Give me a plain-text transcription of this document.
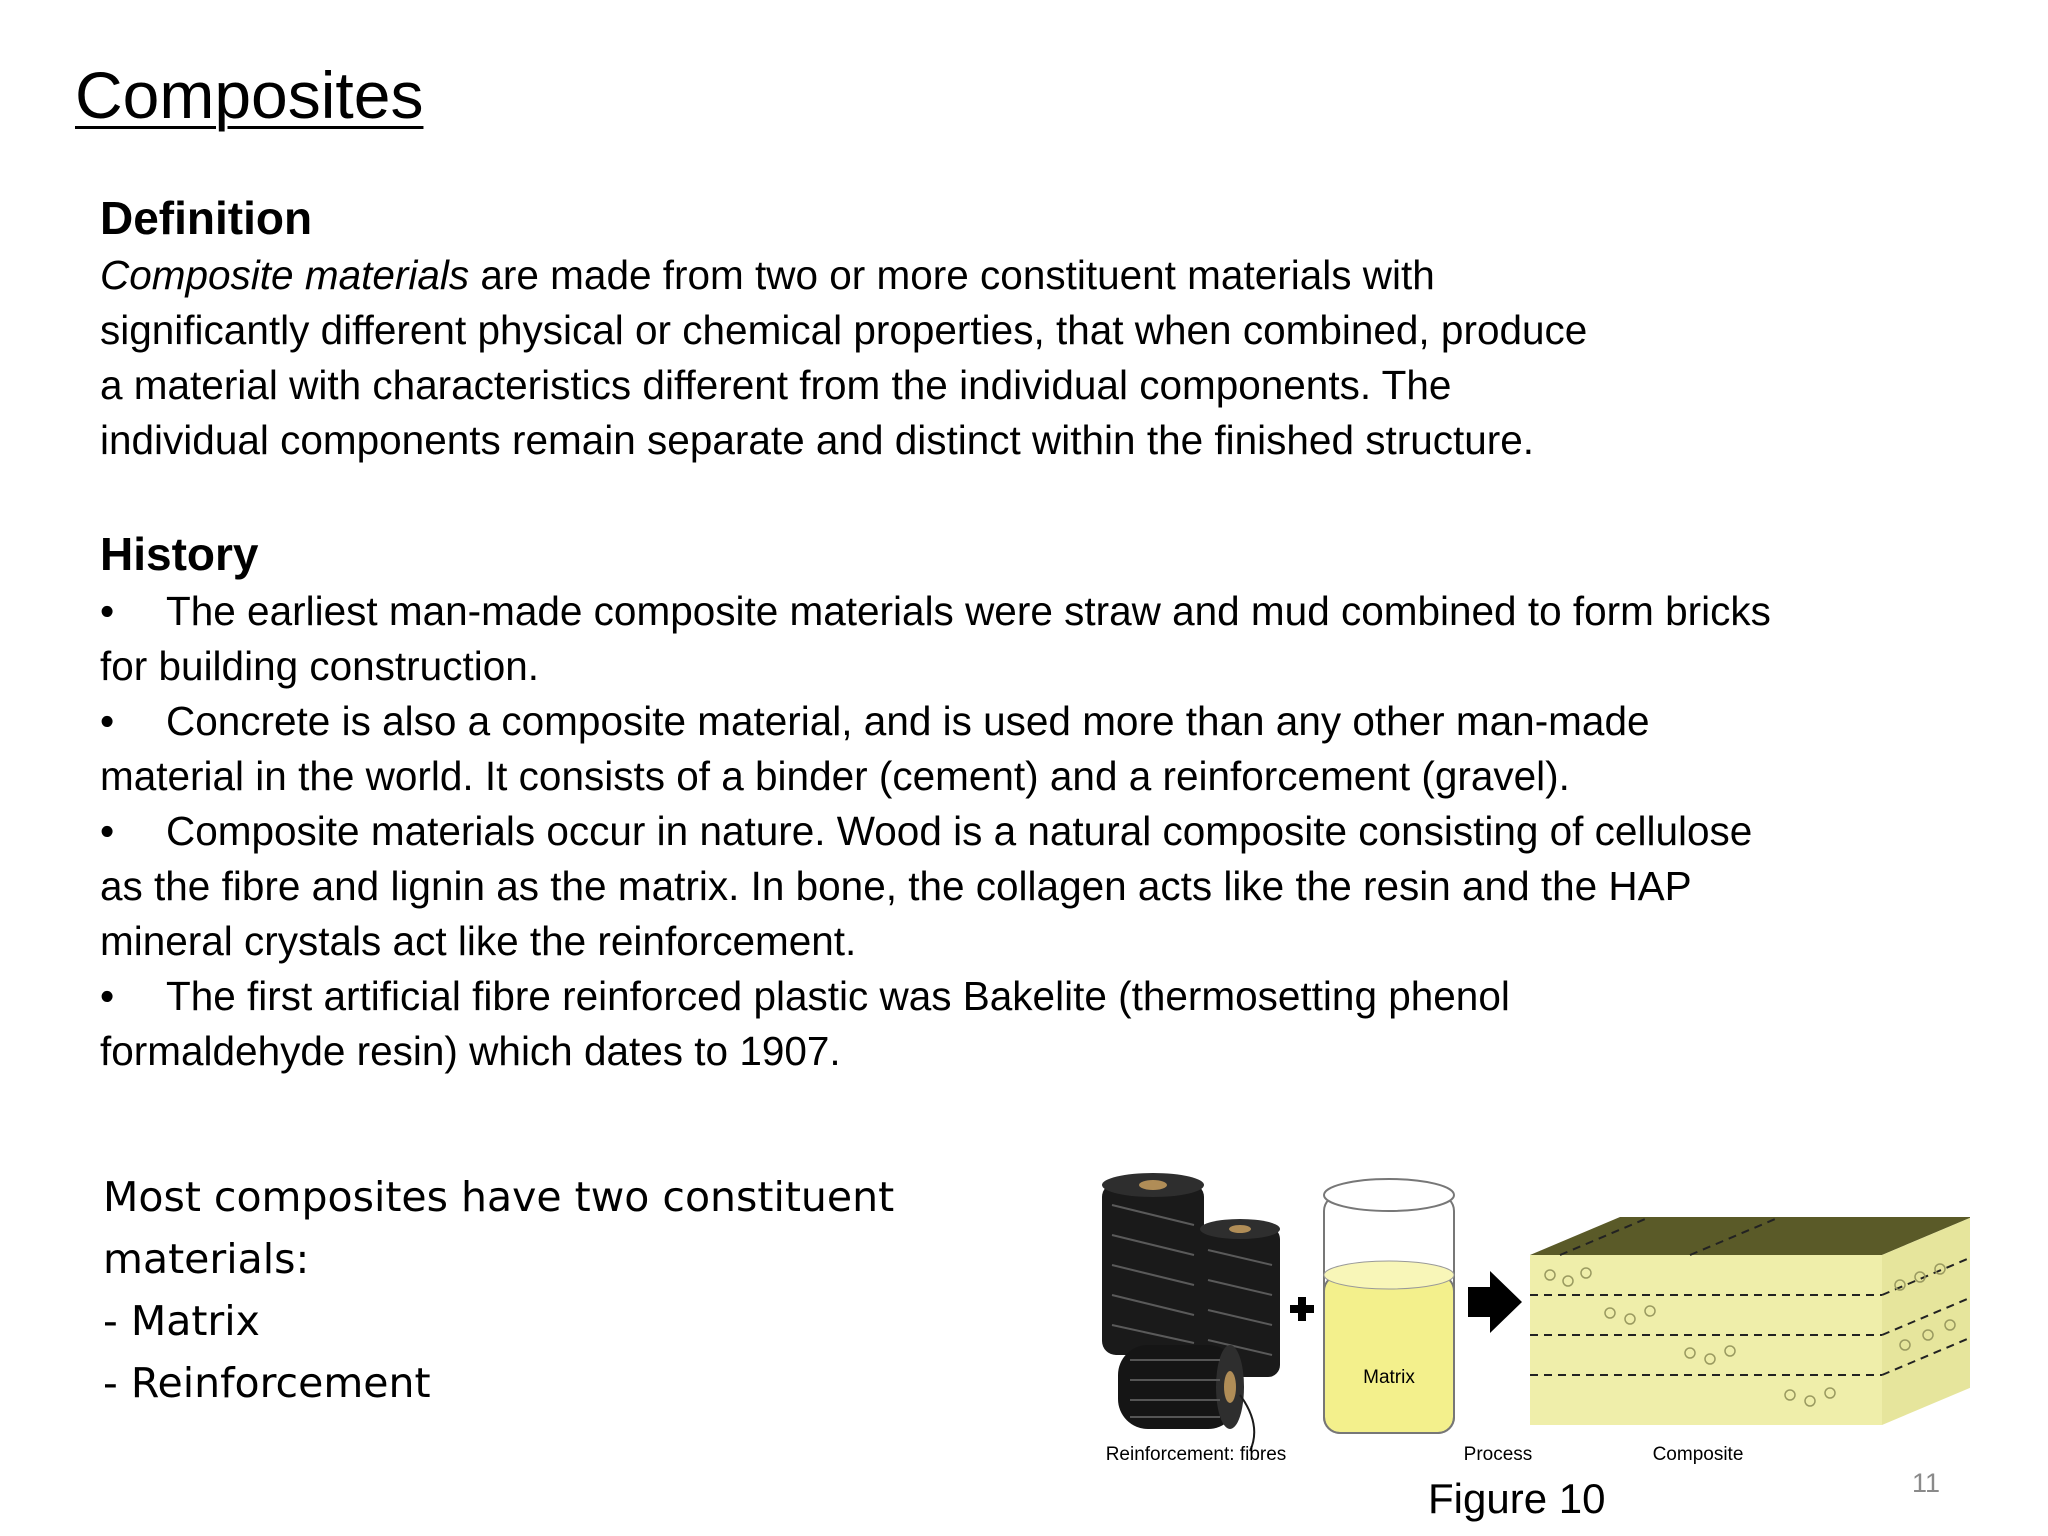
Composites
Definition
Composite materials are made from two or more constituent materials with
significantly different physical or chemical properties, that when combined, produce
a material with characteristics different from the individual components. The
individual components remain separate and distinct within the finished structure.
History
• The earliest man-made composite materials were straw and mud combined to form bricks
for building construction.
• Concrete is also a composite material, and is used more than any other man-made
material in the world. It consists of a binder (cement) and a reinforcement (gravel).
• Composite materials occur in nature. Wood is a natural composite consisting of cellulose
as the fibre and lignin as the matrix. In bone, the collagen acts like the resin and the HAP
mineral crystals act like the reinforcement.
• The first artificial fibre reinforced plastic was Bakelite (thermosetting phenol
formaldehyde resin) which dates to 1907.
Most composites have two constituent
materials:
- Matrix
- Reinforcement
Reinforcement: fibres
Matrix
Process	Composite
Figure 10	11
